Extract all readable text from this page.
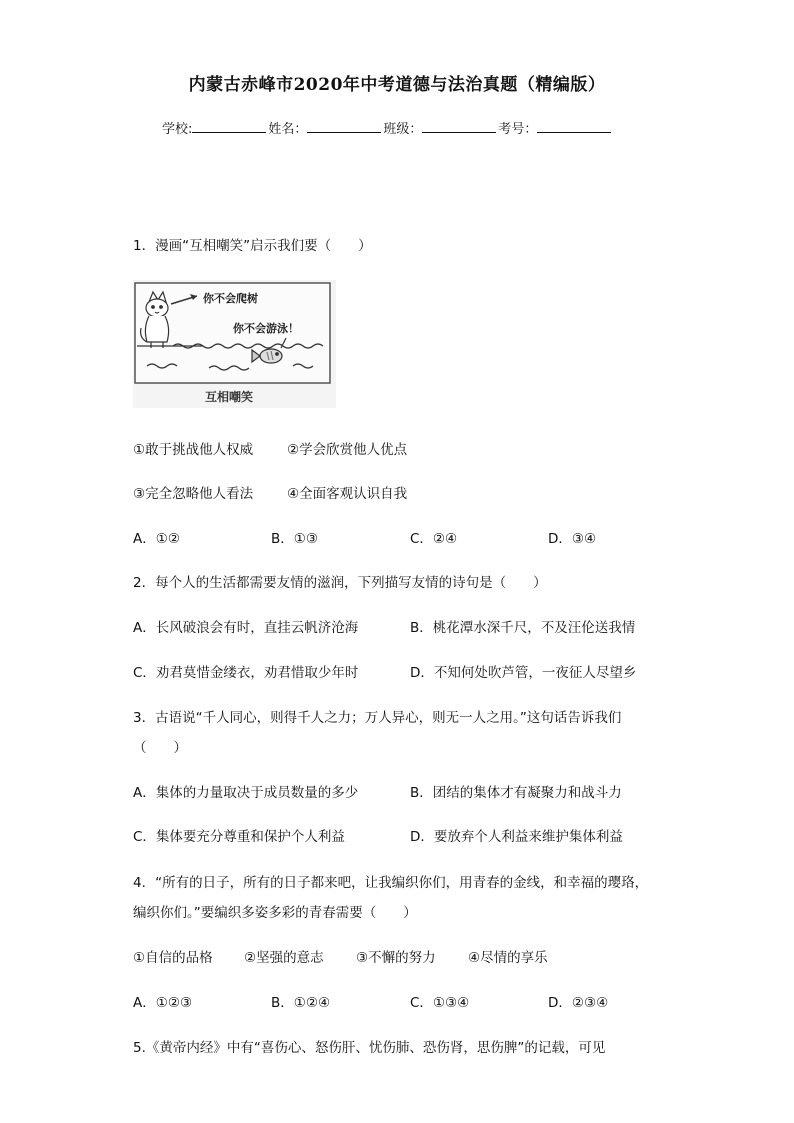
内蒙古赤峰市2020年中考道德与法治真题（精编版）
学校:	姓名：	班级：	考号：
1．漫画“互相嘲笑”启示我们要（　　）
你不会爬树
你不会游泳！
互相嘲笑
①敢于挑战他人权威	②学会欣赏他人优点
③完全忽略他人看法	④全面客观认识自我
A．①②	B．①③	C．②④	D．③④
2．每个人的生活都需要友情的滋润，下列描写友情的诗句是（　　）
A．长风破浪会有时，直挂云帆济沧海	B．桃花潭水深千尺，不及汪伦送我情
C．劝君莫惜金缕衣，劝君惜取少年时	D．不知何处吹芦管，一夜征人尽望乡
3．古语说“千人同心，则得千人之力；万人异心，则无一人之用。”这句话告诉我们
（　　）
A．集体的力量取决于成员数量的多少	B．团结的集体才有凝聚力和战斗力
C．集体要充分尊重和保护个人利益	D．要放弃个人利益来维护集体利益
4．“所有的日子，所有的日子都来吧，让我编织你们，用青春的金线，和幸福的璎珞，
编织你们。”要编织多姿多彩的青春需要（　　）
①自信的品格 ②坚强的意志 ③不懈的努力 ④尽情的享乐
A．①②③	B．①②④	C．①③④	D．②③④
5.《黄帝内经》中有“喜伤心、怒伤肝、忧伤肺、恐伤肾，思伤脾”的记载，可见
